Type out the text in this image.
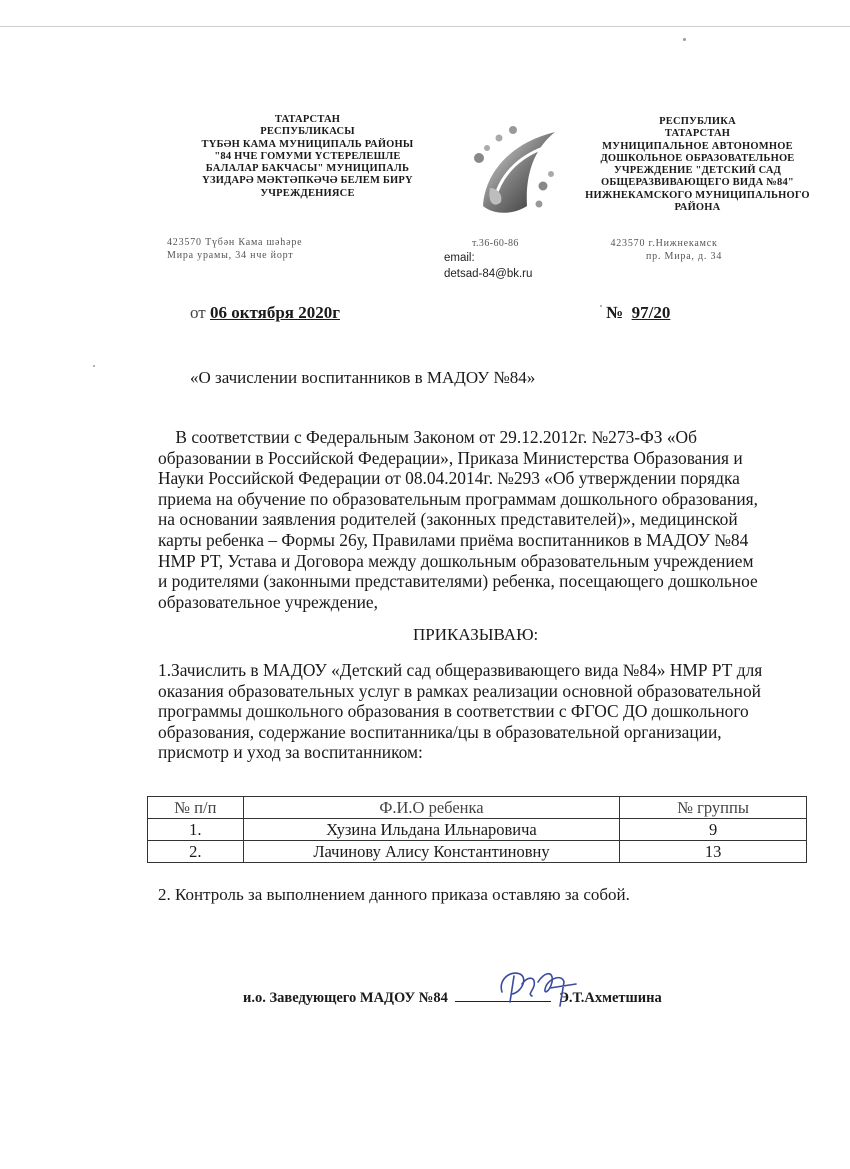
ТАТАРСТАН
РЕСПУБЛИКАСЫ
ТҮБӘН КАМА МУНИЦИПАЛЬ РАЙОНЫ
"84 НЧЕ ГОМУМИ ҮСТЕРЕЛЕШЛЕ
БАЛАЛАР БАКЧАСЫ" МУНИЦИПАЛЬ
ҮЗИДАРӘ МӘКТӘПКӘЧӘ БЕЛЕМ БИРҮ
УЧРЕЖДЕНИЯСЕ
РЕСПУБЛИКА
ТАТАРСТАН
МУНИЦИПАЛЬНОЕ АВТОНОМНОЕ
ДОШКОЛЬНОЕ ОБРАЗОВАТЕЛЬНОЕ
УЧРЕЖДЕНИЕ "ДЕТСКИЙ САД
ОБЩЕРАЗВИВАЮЩЕГО ВИДА №84"
НИЖНЕКАМСКОГО МУНИЦИПАЛЬНОГО
РАЙОНА
423570 Түбән Кама шәһәре
Мира урамы, 34 нче йорт
т.36-60-86
email:
detsad-84@bk.ru
423570 г.Нижнекамск
пр. Мира, д. 34
от 06 октября 2020г	№ 97/20
«О зачислении воспитанников в МАДОУ №84»
В соответствии с Федеральным Законом от 29.12.2012г. №273-ФЗ «Об
образовании в Российской Федерации», Приказа Министерства Образования и
Науки Российской Федерации от 08.04.2014г. №293 «Об утверждении порядка
приема на обучение по образовательным программам дошкольного образования,
на основании заявления родителей (законных представителей)», медицинской
карты ребенка – Формы 26у, Правилами приёма воспитанников в МАДОУ №84
НМР РТ, Устава и Договора между дошкольным образовательным учреждением
и родителями (законными представителями) ребенка, посещающего дошкольное
образовательное учреждение,
ПРИКАЗЫВАЮ:
1.Зачислить в МАДОУ «Детский сад общеразвивающего вида №84» НМР РТ для
оказания образовательных услуг в рамках реализации основной образовательной
программы дошкольного образования в соответствии с ФГОС ДО дошкольного
образования, содержание воспитанника/цы в образовательной организации,
присмотр и уход за воспитанником:
№ п/п	Ф.И.О ребенка	№ группы
1.	Хузина Ильдана Ильнаровича	9
2.	Лачинову Алису Константиновну	13
2. Контроль за выполнением данного приказа оставляю за собой.
и.о. Заведующего МАДОУ №84	Э.Т.Ахметшина
